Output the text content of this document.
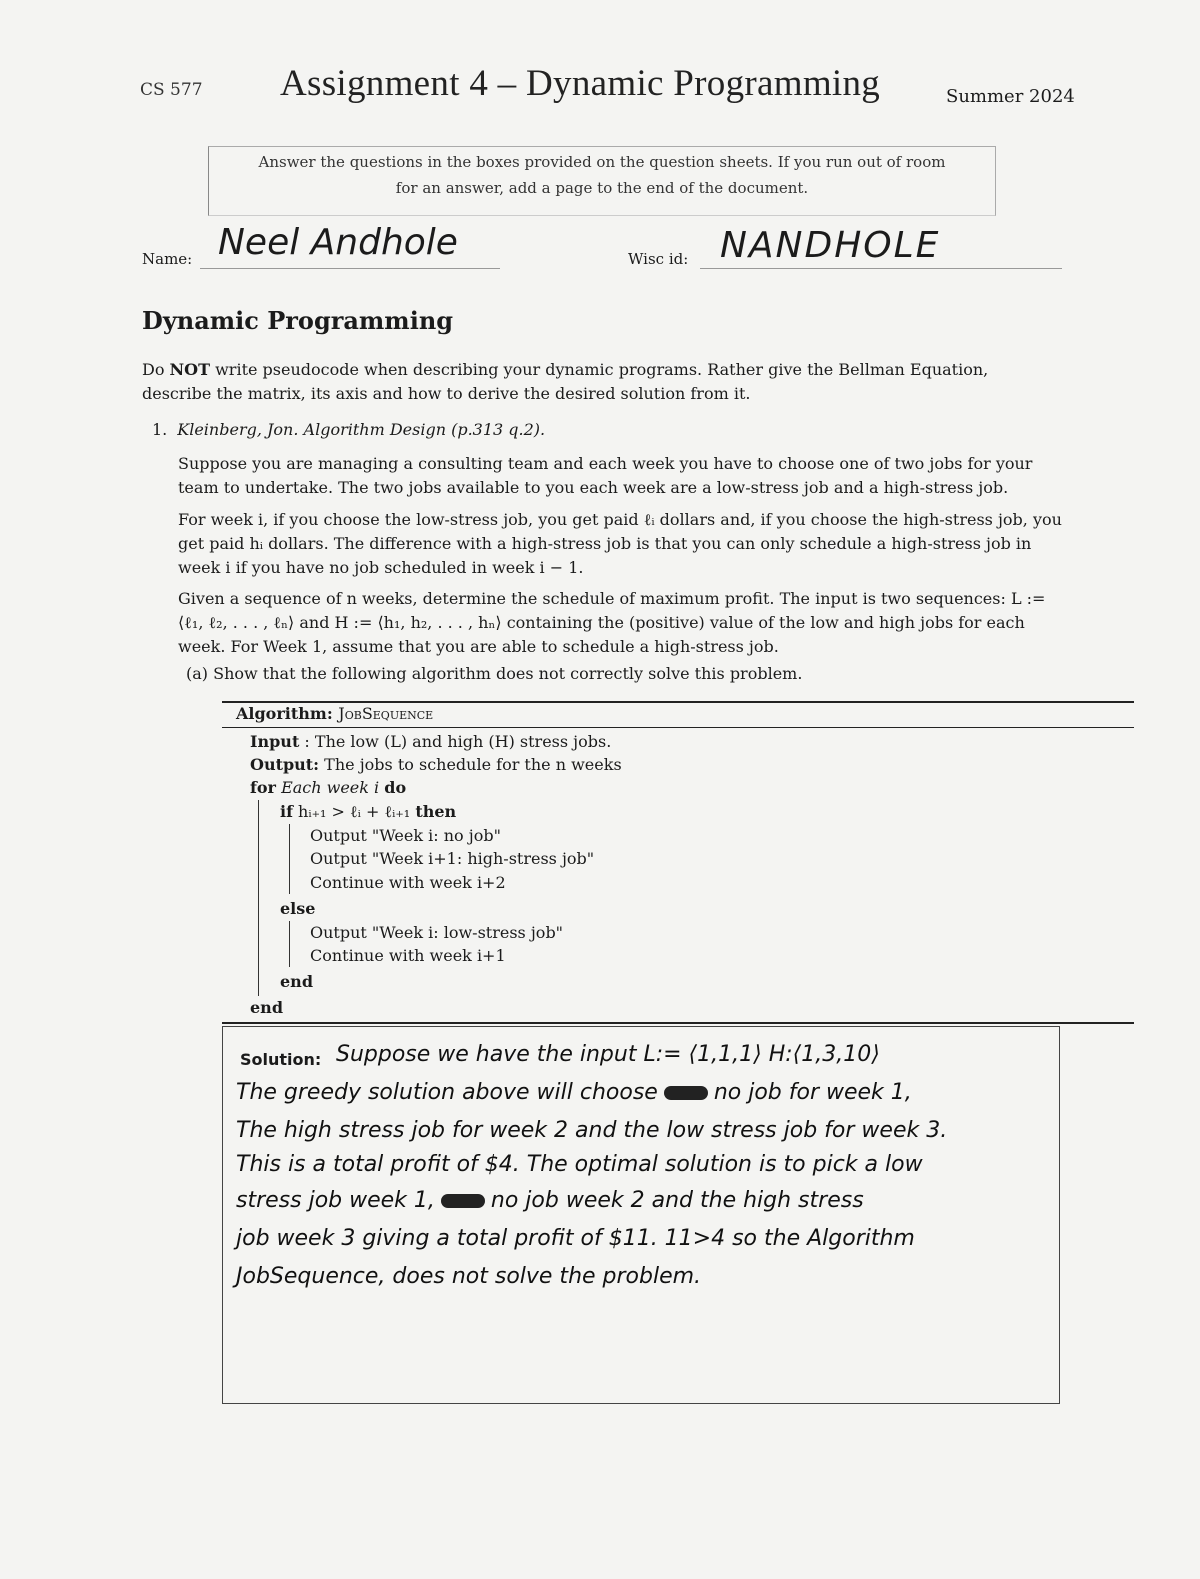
CS 577 Assignment 4 – Dynamic Programming	Summer 2024
Answer the questions in the boxes provided on the question sheets. If you run out of room
for an answer, add a page to the end of the document.
Name: Neel Andhole	Wisc id: NANDHOLE
Dynamic Programming
Do NOT write pseudocode when describing your dynamic programs. Rather give the Bellman Equation, describe the matrix, its axis and how to derive the desired solution from it.
1. Kleinberg, Jon. Algorithm Design (p.313 q.2).
Suppose you are managing a consulting team and each week you have to choose one of two jobs for your team to undertake. The two jobs available to you each week are a low-stress job and a high-stress job.
For week i, if you choose the low-stress job, you get paid ℓᵢ dollars and, if you choose the high-stress job, you get paid hᵢ dollars. The difference with a high-stress job is that you can only schedule a high-stress job in week i if you have no job scheduled in week i − 1.
Given a sequence of n weeks, determine the schedule of maximum profit. The input is two sequences: L := ⟨ℓ₁, ℓ₂, . . . , ℓₙ⟩ and H := ⟨h₁, h₂, . . . , hₙ⟩ containing the (positive) value of the low and high jobs for each week. For Week 1, assume that you are able to schedule a high-stress job.
(a) Show that the following algorithm does not correctly solve this problem.
Algorithm: JobSequence
Input : The low (L) and high (H) stress jobs.
Output: The jobs to schedule for the n weeks
for Each week i do
if hᵢ₊₁ > ℓᵢ + ℓᵢ₊₁ then
Output "Week i: no job"
Output "Week i+1: high-stress job"
Continue with week i+2
else
Output "Week i: low-stress job"
Continue with week i+1
end
end
Solution: Suppose we have the input L:= ⟨1,1,1⟩ H:⟨1,3,10⟩
The greedy solution above will choose	no job for week 1,
The high stress job for week 2 and the low stress job for week 3.
This is a total profit of $4. The optimal solution is to pick a low
stress job week 1,	no job week 2 and the high stress
job week 3 giving a total profit of $11. 11>4 so the Algorithm
JobSequence, does not solve the problem.
